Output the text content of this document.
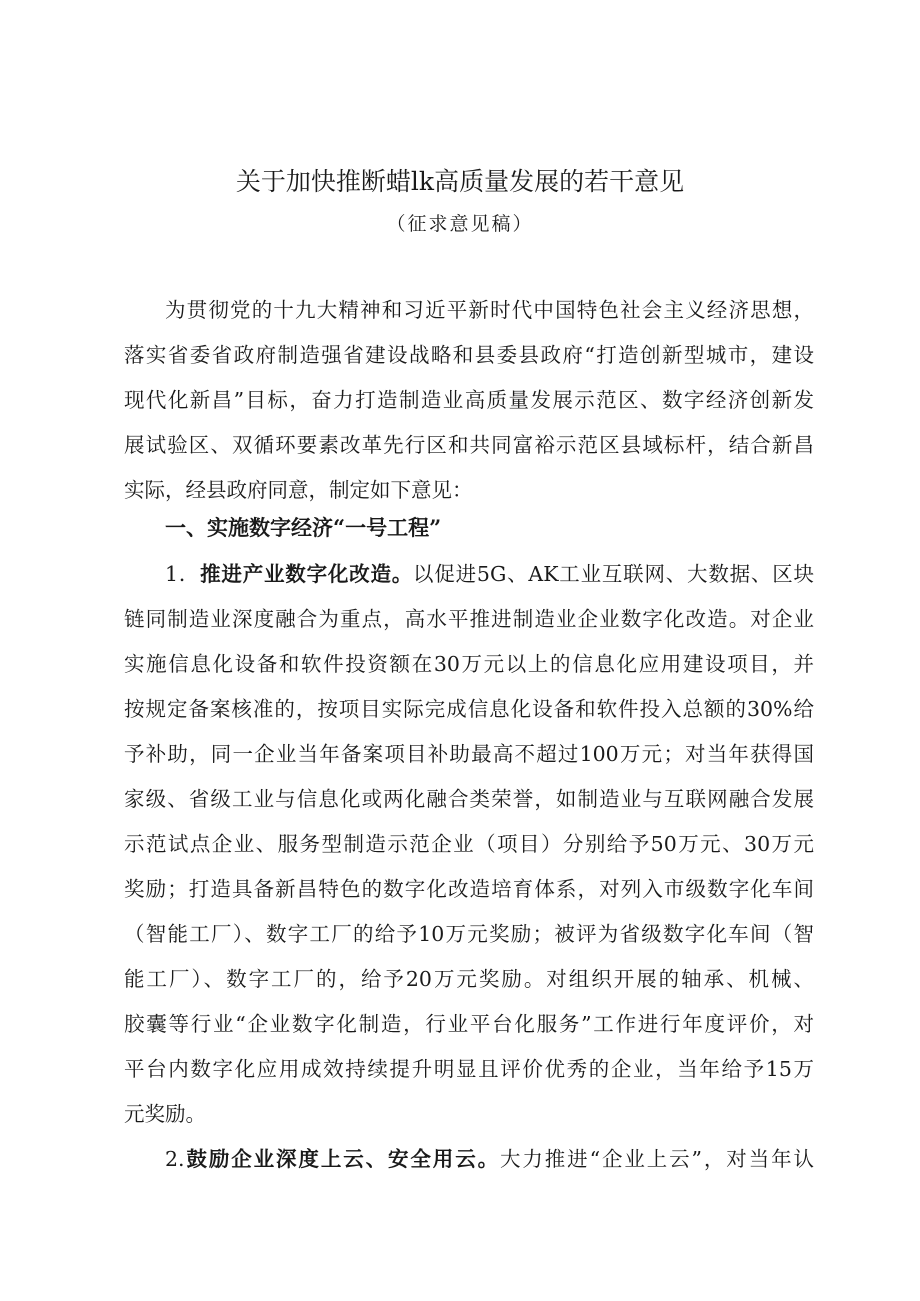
关于加快推断蜡lk高质量发展的若干意见
（征求意见稿）
为贯彻党的十九大精神和习近平新时代中国特色社会主义经济思想，
落实省委省政府制造强省建设战略和县委县政府“打造创新型城市，建设
现代化新昌”目标，奋力打造制造业高质量发展示范区、数字经济创新发
展试验区、双循环要素改革先行区和共同富裕示范区县域标杆，结合新昌
实际，经县政府同意，制定如下意见：
一、实施数字经济“一号工程”
1．推进产业数字化改造。以促进5G、AK工业互联网、大数据、区块
链同制造业深度融合为重点，高水平推进制造业企业数字化改造。对企业
实施信息化设备和软件投资额在30万元以上的信息化应用建设项目，并
按规定备案核准的，按项目实际完成信息化设备和软件投入总额的30%给
予补助，同一企业当年备案项目补助最高不超过100万元；对当年获得国
家级、省级工业与信息化或两化融合类荣誉，如制造业与互联网融合发展
示范试点企业、服务型制造示范企业（项目）分别给予50万元、30万元
奖励；打造具备新昌特色的数字化改造培育体系，对列入市级数字化车间
（智能工厂）、数字工厂的给予10万元奖励；被评为省级数字化车间（智
能工厂）、数字工厂的，给予20万元奖励。对组织开展的轴承、机械、
胶囊等行业“企业数字化制造，行业平台化服务”工作进行年度评价，对
平台内数字化应用成效持续提升明显且评价优秀的企业，当年给予15万
元奖励。
2.鼓励企业深度上云、安全用云。大力推进“企业上云”，对当年认
